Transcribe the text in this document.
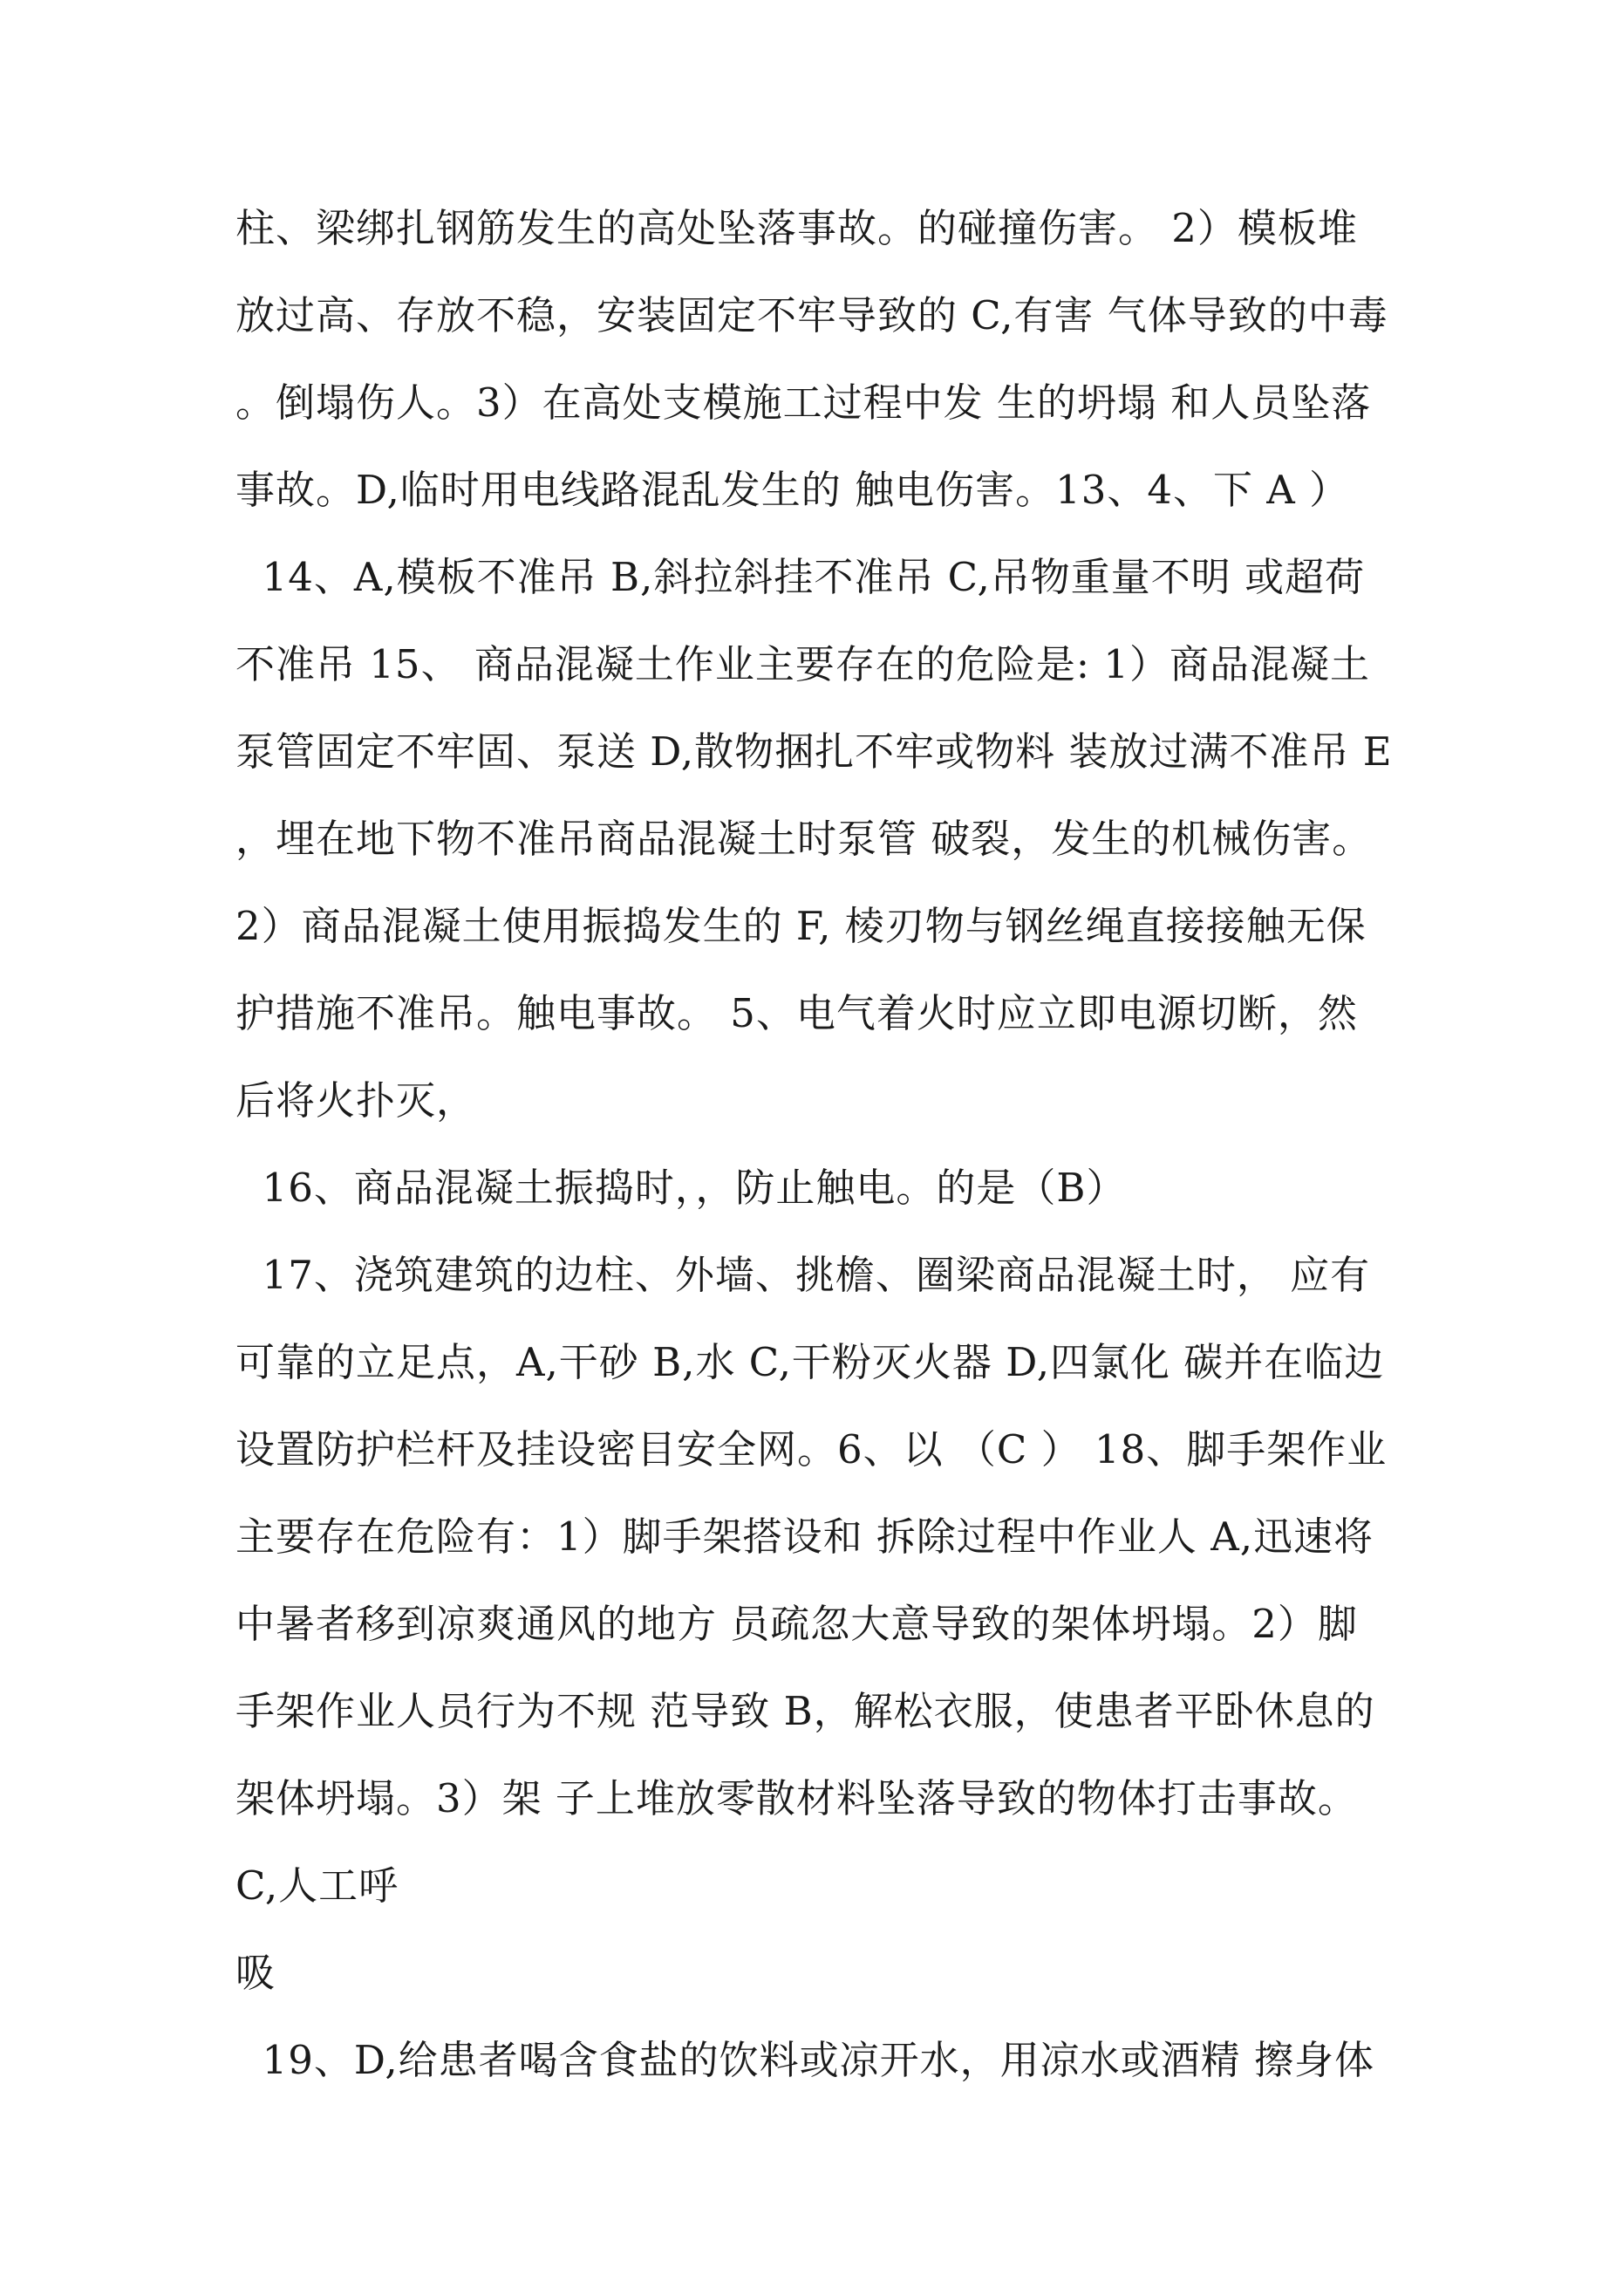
柱、梁绑扎钢筋发生的高处坠落事故。的碰撞伤害。 2）模板堆
放过高、存放不稳，安装固定不牢导致的 C,有害 气体导致的中毒
。倒塌伤人。3）在高处支模施工过程中发 生的坍塌 和人员坠落
事故。D,临时用电线路混乱发生的 触电伤害。13、4、下 A ）
14、A,模板不准吊 B,斜拉斜挂不准吊 C,吊物重量不明 或超荷
不准吊 15、 商品混凝土作业主要存在的危险是: 1）商品混凝土
泵管固定不牢固、泵送 D,散物捆扎不牢或物料 装放过满不准吊 E
，埋在地下物不准吊商品混凝土时泵管 破裂，发生的机械伤害。
2）商品混凝土使用振捣发生的 F, 棱刃物与钢丝绳直接接触无保
护措施不准吊。触电事故。 5、电气着火时应立即电源切断，然
后将火扑灭，
16、商品混凝土振捣时，，防止触电。的是（B）
17、浇筑建筑的边柱、外墙、挑檐、圈梁商品混凝土时， 应有
可靠的立足点，A,干砂 B,水 C,干粉灭火器 D,四氯化 碳并在临边
设置防护栏杆及挂设密目安全网。6、以 （C ） 18、脚手架作业
主要存在危险有：1）脚手架搭设和 拆除过程中作业人 A,迅速将
中暑者移到凉爽通风的地方 员疏忽大意导致的架体坍塌。2）脚
手架作业人员行为不规 范导致 B，解松衣服，使患者平卧休息的
架体坍塌。3）架 子上堆放零散材料坠落导致的物体打击事故。
C,人工呼
吸
19、D,给患者喝含食盐的饮料或凉开水，用凉水或酒精 擦身体
